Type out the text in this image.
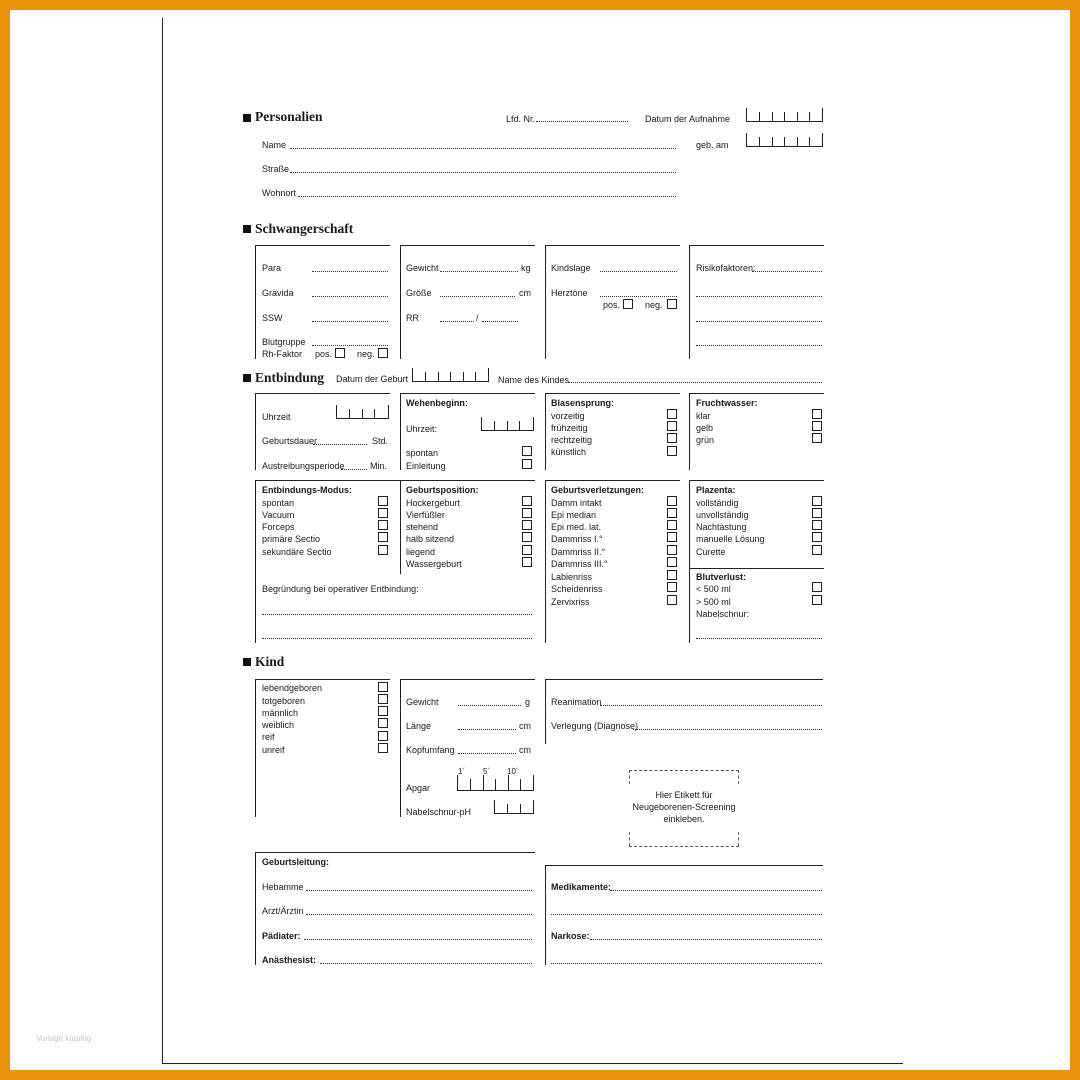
Personalien	Lfd. Nr.	Datum der Aufnahme
Name	geb. am
Straße
Wohnort
Schwangerschaft
Para
Gravida
SSW
Blutgruppe
Rh-Faktor pos.	neg.
Gewicht	kg
Größe	cm
RR	/
Kindslage
Herztöne
pos.	neg.
Risikofaktoren:
Entbindung Datum der Geburt	Name des Kindes
Uhrzeit
Geburtsdauer	Std.
Austreibungsperiode	Min.
Wehenbeginn:
Uhrzeit:
spontan
Einleitung
Blasensprung:
vorzeitig
frühzeitig
rechtzeitig
künstlich
Fruchtwasser:
klar
gelb
grün
Entbindungs-Modus:
spontan
Vacuum
Forceps
primäre Sectio
sekundäre Sectio
Geburtsposition:
Hockergeburt
Vierfüßler
stehend
halb sitzend
liegend
Wassergeburt
Begründung bei operativer Entbindung:
Geburtsverletzungen:
Damm intakt
Epi median
Epi med. lat.
Dammriss I.°
Dammriss II.°
Dammriss III.°
Labienriss
Scheidenriss
Zervixriss
Plazenta:
vollständig
unvollständig
Nachtastung
manuelle Lösung
Curette
Blutverlust:
< 500 ml
> 500 ml
Nabelschnur:
Kind
lebendgeboren
totgeboren
männlich
weiblich
reif
unreif
Gewicht	g
Länge	cm
Kopfumfang	cm
1´ 5´ 10´
Apgar
Nabelschnur-pH
Reanimation
Verlegung (Diagnose)
Hier Etikett für
Neugeborenen-Screening
einkleben.
Geburtsleitung:
Hebamme
Arzt/Ärztin
Pädiater:
Anästhesist:
Medikamente:
Narkose:
Vorlage katalog
